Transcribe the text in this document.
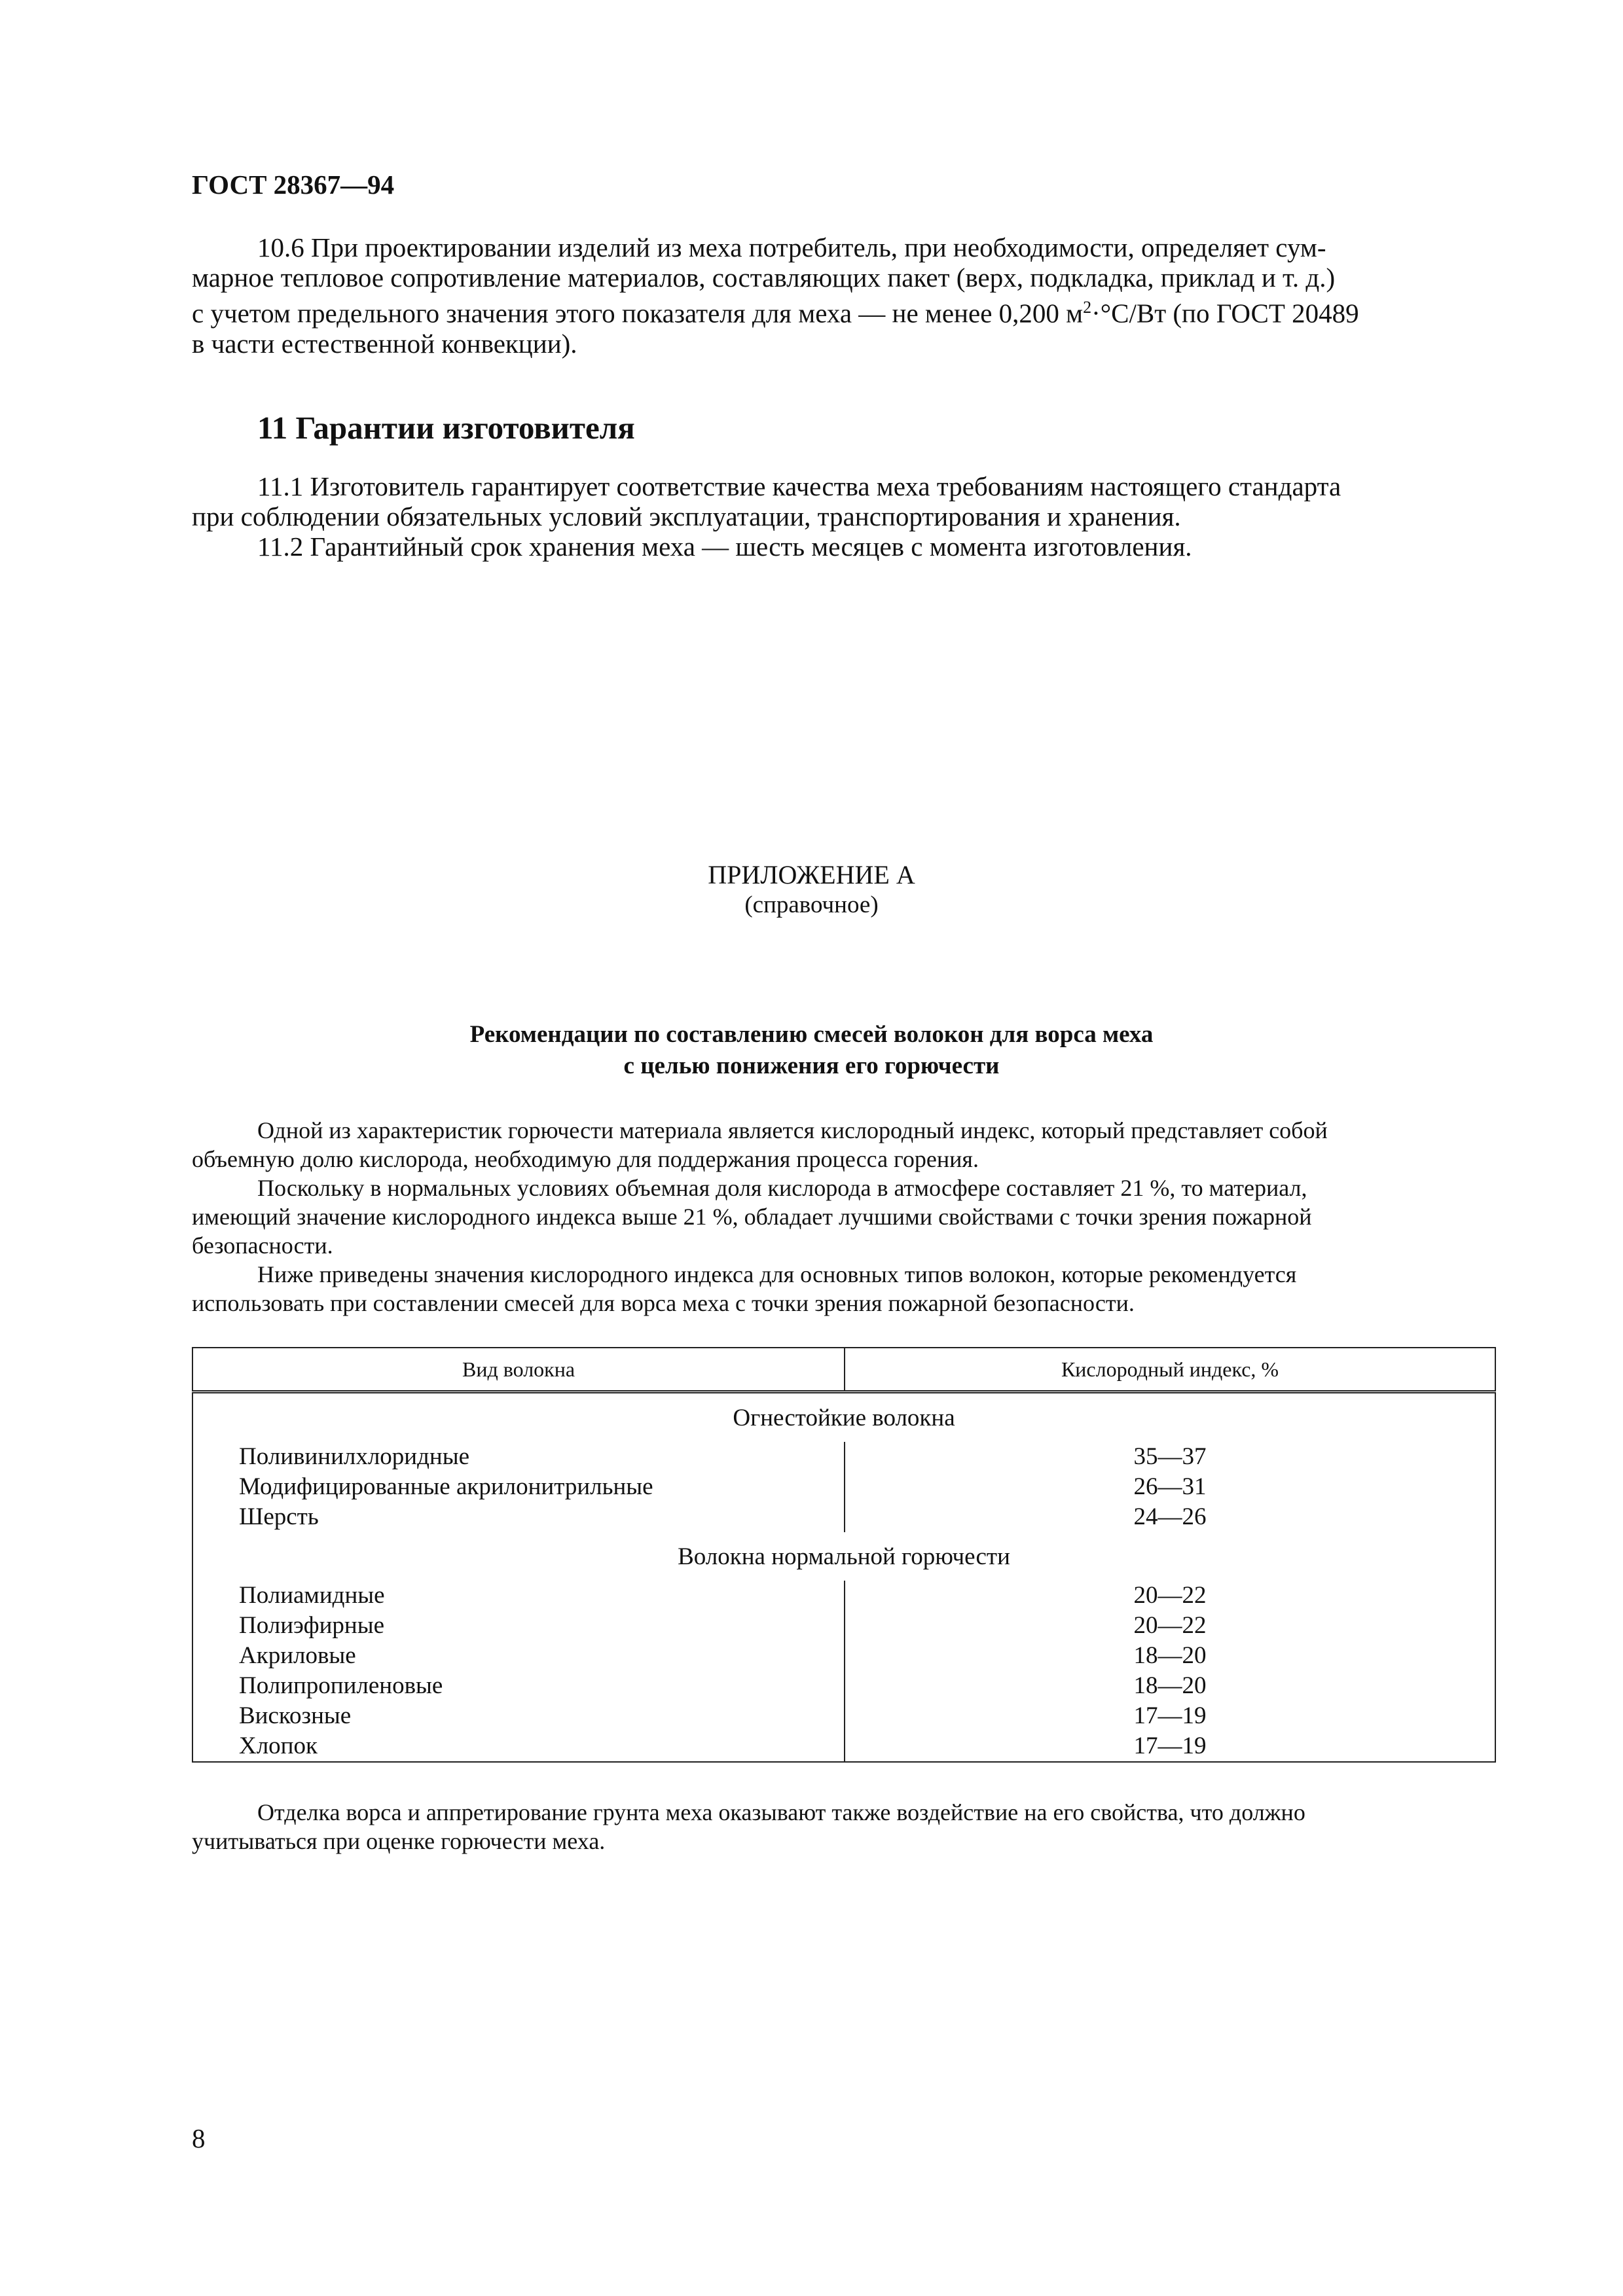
ГОСТ 28367—94
10.6 При проектировании изделий из меха потребитель, при необходимости, определяет сум-
марное тепловое сопротивление материалов, составляющих пакет (верх, подкладка, приклад и т. д.)
с учетом предельного значения этого показателя для меха — не менее 0,200 $м^2\cdot^\circ С/Вт$ (по ГОСТ 20489
в части естественной конвекции).
11 Гарантии изготовителя
11.1 Изготовитель гарантирует соответствие качества меха требованиям настоящего стандарта
при соблюдении обязательных условий эксплуатации, транспортирования и хранения.
11.2 Гарантийный срок хранения меха — шесть месяцев с момента изготовления.
ПРИЛОЖЕНИЕ А
(справочное)
Рекомендации по составлению смесей волокон для ворса меха
с целью понижения его горючести
Одной из характеристик горючести материала является кислородный индекс, который представляет собой
объемную долю кислорода, необходимую для поддержания процесса горения.
Поскольку в нормальных условиях объемная доля кислорода в атмосфере составляет 21 %, то материал,
имеющий значение кислородного индекса выше 21 %, обладает лучшими свойствами с точки зрения пожарной
безопасности.
Ниже приведены значения кислородного индекса для основных типов волокон, которые рекомендуется
использовать при составлении смесей для ворса меха с точки зрения пожарной безопасности.
Вид волокна	Кислородный индекс, %
Огнестойкие волокна	
Поливинилхлоридные	35—37
Модифицированные акрилонитрильные	26—31
Шерсть	24—26
Волокна нормальной горючести	
Полиамидные	20—22
Полиэфирные	20—22
Акриловые	18—20
Полипропиленовые	18—20
Вискозные	17—19
Хлопок	17—19
Отделка ворса и аппретирование грунта меха оказывают также воздействие на его свойства, что должно
учитываться при оценке горючести меха.
8
